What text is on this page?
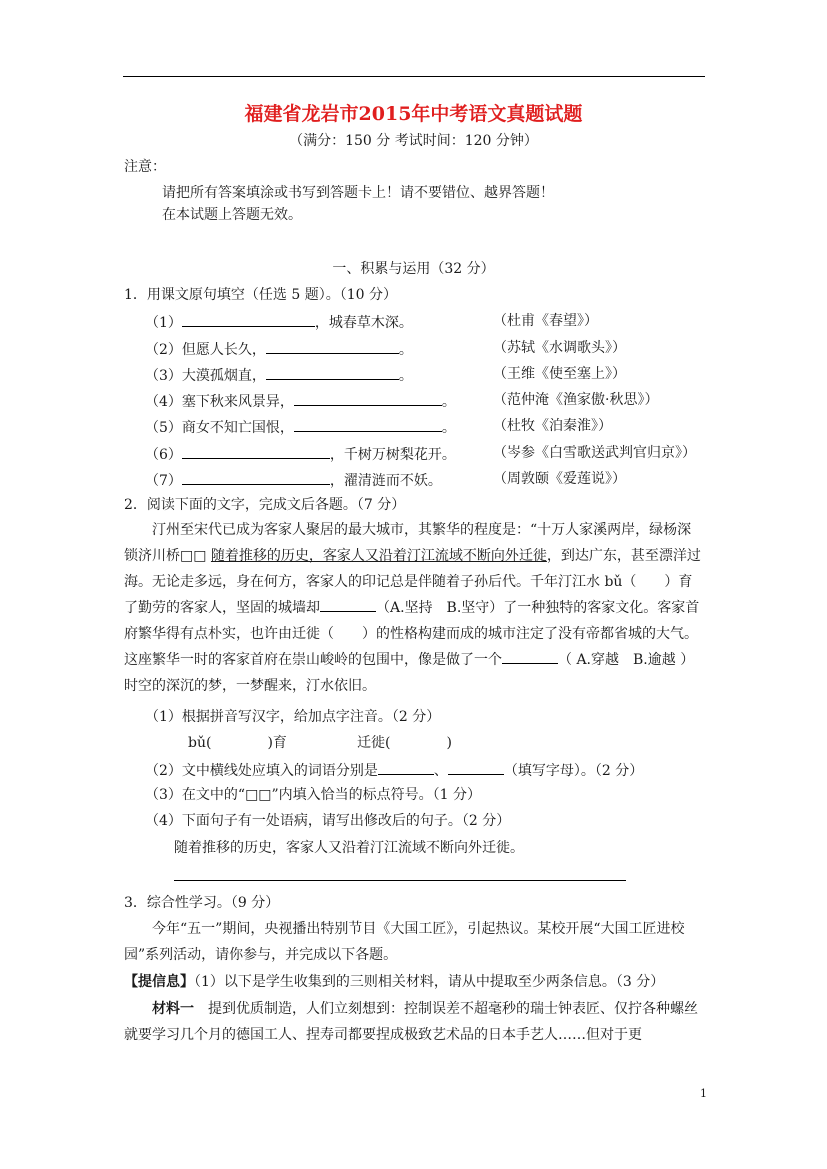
福建省龙岩市2015年中考语文真题试题
（满分：150 分 考试时间：120 分钟）
注意：
请把所有答案填涂或书写到答题卡上！请不要错位、越界答题！
在本试题上答题无效。
一、积累与运用（32 分）
1．用课文原句填空（任选 5 题）。（10 分）
（1）	，城春草木深。	（杜甫《春望》）
（2）但愿人长久，	。	（苏轼《水调歌头》）
（3）大漠孤烟直，	。	（王维《使至塞上》）
（4）塞下秋来风景异，	。	（范仲淹《渔家傲·秋思》）
（5）商女不知亡国恨，	。	（杜牧《泊秦淮》）
（6）	，千树万树梨花开。	（岑参《白雪歌送武判官归京》）
（7）	，濯清涟而不妖。	（周敦颐《爱莲说》）
2．阅读下面的文字，完成文后各题。（7 分）
汀州至宋代已成为客家人聚居的最大城市，其繁华的程度是：“十万人家溪两岸，绿杨深锁济川桥□□ 随着推移的历史，客家人又沿着汀江流域不断向外迁徙，到达广东，甚至漂洋过海。无论走多远，身在何方，客家人的印记总是伴随着子孙后代。千年汀江水 bǔ（　　）育了勤劳的客家人，坚固的城墙却	（A.坚持　B.坚守）了一种独特的客家文化。客家首府繁华得有点朴实，也许由迁徙（　　）的性格构建而成的城市注定了没有帝都省城的大气。这座繁华一时的客家首府在崇山峻岭的包围中，像是做了一个	（ A.穿越　B.逾越 ）时空的深沉的梦，一梦醒来，汀水依旧。
（1）根据拼音写汉字，给加点字注音。（2 分）
bǔ(　　　　)育	迁徙(　　　　)
（2）文中横线处应填入的词语分别是	、	（填写字母）。（2 分）
（3）在文中的“□□”内填入恰当的标点符号。（1 分）
（4）下面句子有一处语病，请写出修改后的句子。（2 分）
随着推移的历史，客家人又沿着汀江流域不断向外迁徙。
3．综合性学习。（9 分）
今年“五一”期间，央视播出特别节目《大国工匠》，引起热议。某校开展“大国工匠进校园”系列活动，请你参与，并完成以下各题。
【提信息】（1）以下是学生收集到的三则相关材料，请从中提取至少两条信息。（3 分）
材料一　提到优质制造，人们立刻想到：控制误差不超毫秒的瑞士钟表匠、仅拧各种螺丝就要学习几个月的德国工人、捏寿司都要捏成极致艺术品的日本手艺人……但对于更
1
